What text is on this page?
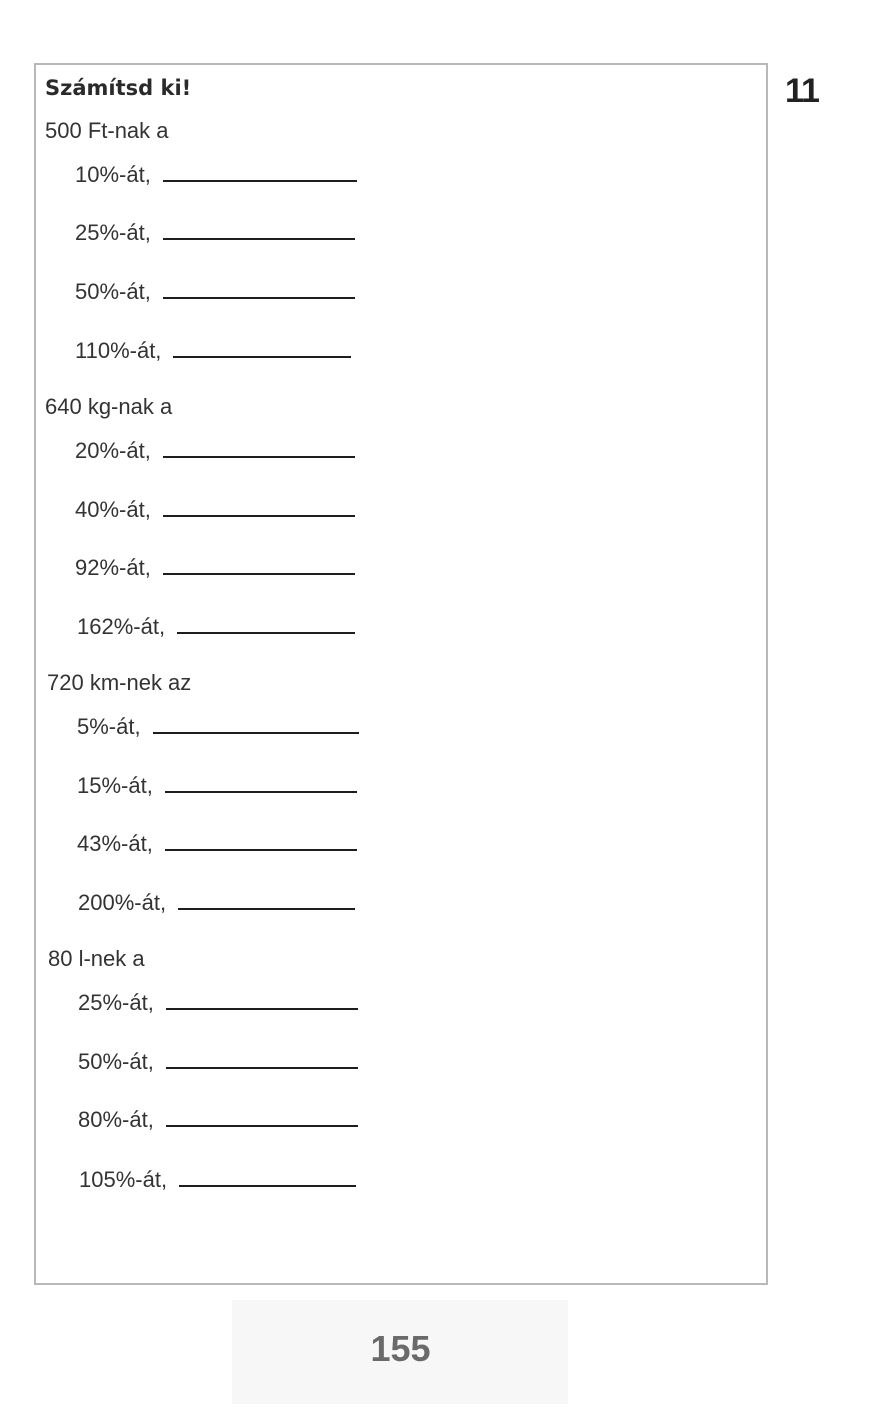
11
Számítsd ki!
500 Ft-nak a
10%-át,
25%-át,
50%-át,
110%-át,
640 kg-nak a
20%-át,
40%-át,
92%-át,
162%-át,
720 km-nek az
5%-át,
15%-át,
43%-át,
200%-át,
80 l-nek a
25%-át,
50%-át,
80%-át,
105%-át,
155
